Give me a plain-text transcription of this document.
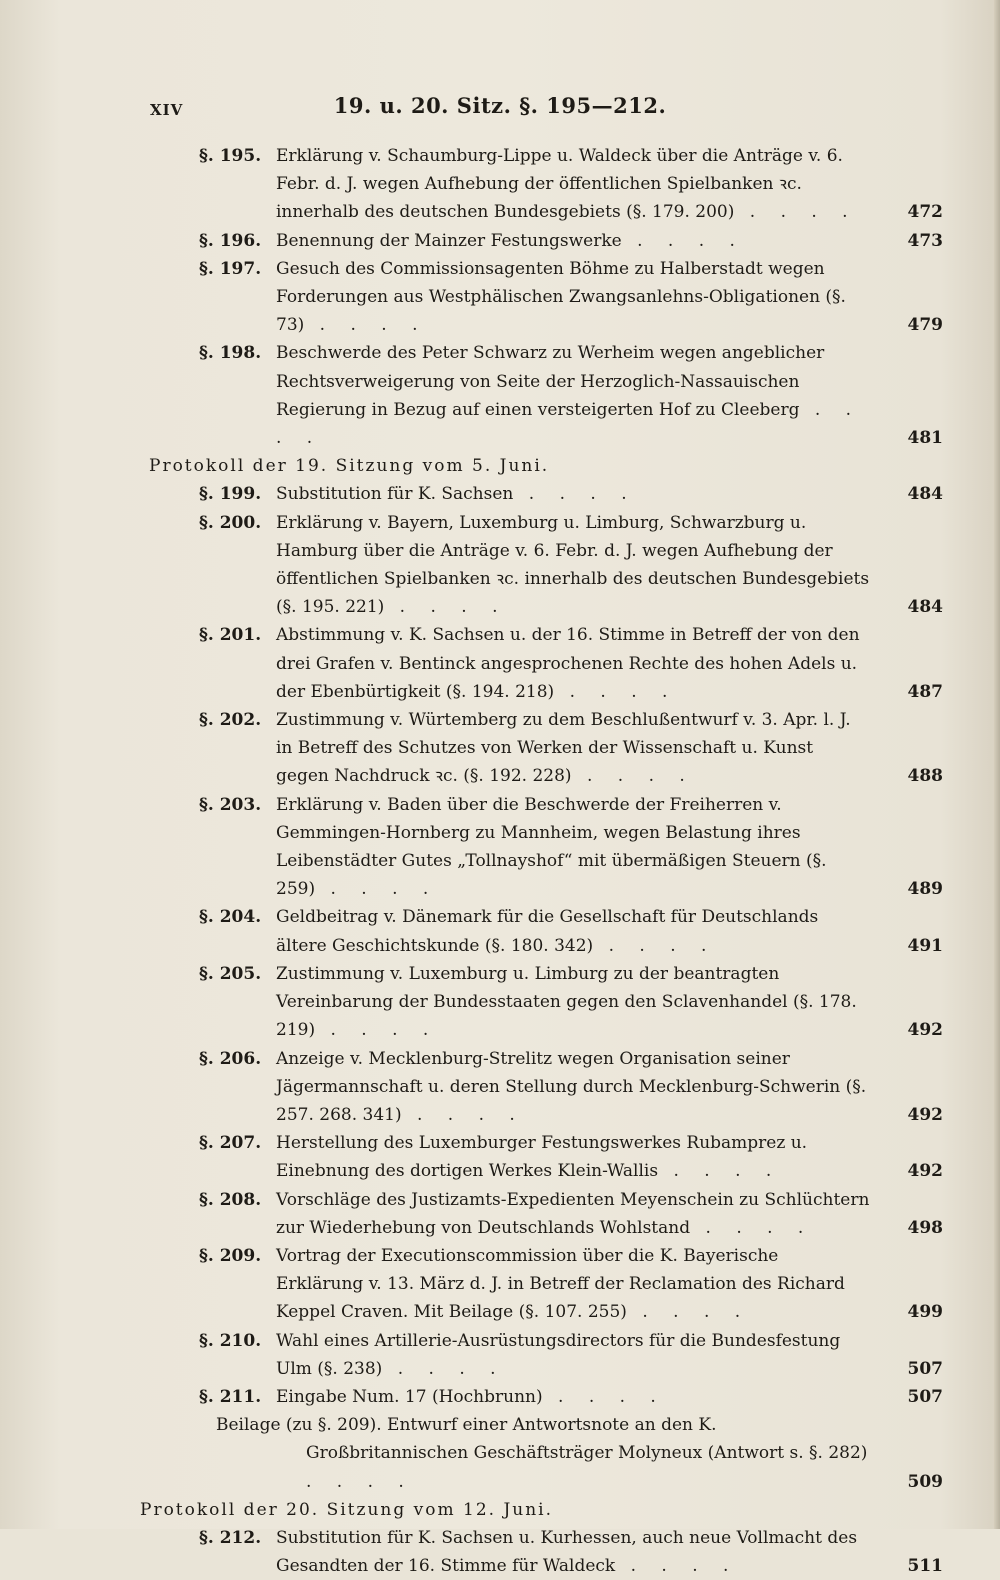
XIV	19. u. 20. Sitz. §. 195—212.
§. 195. Erklärung v. Schaumburg-Lippe u. Waldeck über die Anträge v. 6. Febr. d. J. wegen Aufhebung der öffentlichen Spielbanken ꝛc. innerhalb des deutschen Bundesgebiets (§. 179. 200) . . . .	472
§. 196. Benennung der Mainzer Festungswerke . . . .	473
§. 197. Gesuch des Commissionsagenten Böhme zu Halberstadt wegen Forderungen aus Westphälischen Zwangsanlehns-Obligationen (§. 73) . . . .	479
§. 198. Beschwerde des Peter Schwarz zu Werheim wegen angeblicher Rechtsverweigerung von Seite der Herzoglich-Nassauischen Regierung in Bezug auf einen versteigerten Hof zu Cleeberg . . . .	481
Protokoll der 19. Sitzung vom 5. Juni.
§. 199. Substitution für K. Sachsen . . . .	484
§. 200. Erklärung v. Bayern, Luxemburg u. Limburg, Schwarzburg u. Hamburg über die Anträge v. 6. Febr. d. J. wegen Aufhebung der öffentlichen Spielbanken ꝛc. innerhalb des deutschen Bundesgebiets (§. 195. 221) . . . .	484
§. 201. Abstimmung v. K. Sachsen u. der 16. Stimme in Betreff der von den drei Grafen v. Bentinck angesprochenen Rechte des hohen Adels u. der Ebenbürtigkeit (§. 194. 218) . . . .	487
§. 202. Zustimmung v. Würtemberg zu dem Beschlußentwurf v. 3. Apr. l. J. in Betreff des Schutzes von Werken der Wissenschaft u. Kunst gegen Nachdruck ꝛc. (§. 192. 228) . . . .	488
§. 203. Erklärung v. Baden über die Beschwerde der Freiherren v. Gemmingen-Hornberg zu Mannheim, wegen Belastung ihres Leibenstädter Gutes „Tollnayshof“ mit übermäßigen Steuern (§. 259) . . . .	489
§. 204. Geldbeitrag v. Dänemark für die Gesellschaft für Deutschlands ältere Geschichtskunde (§. 180. 342) . . . .	491
§. 205. Zustimmung v. Luxemburg u. Limburg zu der beantragten Vereinbarung der Bundesstaaten gegen den Sclavenhandel (§. 178. 219) . . . .	492
§. 206. Anzeige v. Mecklenburg-Strelitz wegen Organisation seiner Jägermannschaft u. deren Stellung durch Mecklenburg-Schwerin (§. 257. 268. 341) . . . .	492
§. 207. Herstellung des Luxemburger Festungswerkes Rubamprez u. Einebnung des dortigen Werkes Klein-Wallis . . . .	492
§. 208. Vorschläge des Justizamts-Expedienten Meyenschein zu Schlüchtern zur Wiederhebung von Deutschlands Wohlstand . . . .	498
§. 209. Vortrag der Executionscommission über die K. Bayerische Erklärung v. 13. März d. J. in Betreff der Reclamation des Richard Keppel Craven. Mit Beilage (§. 107. 255) . . . .	499
§. 210. Wahl eines Artillerie-Ausrüstungsdirectors für die Bundesfestung Ulm (§. 238) . . . .	507
§. 211. Eingabe Num. 17 (Hochbrunn) . . . .	507
Beilage (zu §. 209). Entwurf einer Antwortsnote an den K. Großbritannischen Geschäftsträger Molyneux (Antwort s. §. 282) . . . .	509
Protokoll der 20. Sitzung vom 12. Juni.
§. 212. Substitution für K. Sachsen u. Kurhessen, auch neue Vollmacht des Gesandten der 16. Stimme für Waldeck . . . .	511
